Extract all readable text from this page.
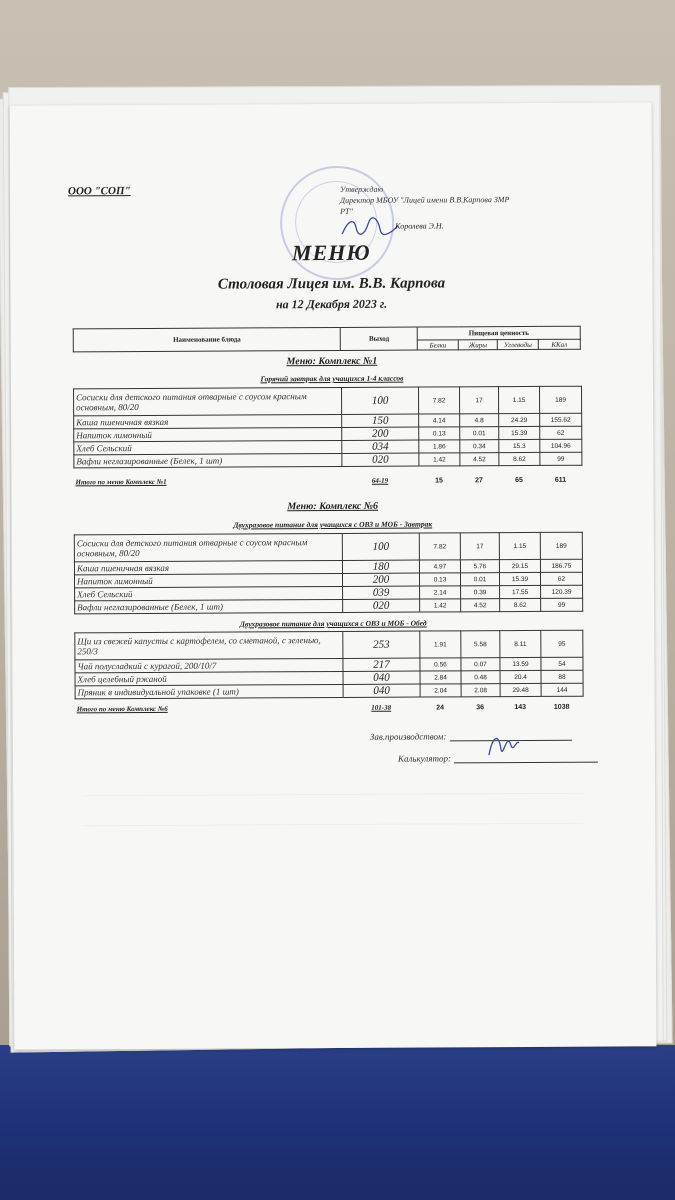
ООО "СОП"	Утверждаю
Директор МБОУ "Лицей имени В.В.Карпова ЗМР
РТ"
Королева Э.Н.
МЕНЮ
Столовая Лицея им. В.В. Карпова
на 12 Декабря 2023 г.
Наименование блюда	Выход	Пищевая ценность			
		Белки	Жиры	Углеводы	ККал
Меню: Комплекс №1
Горячий завтрак для учащихся 1-4 классов
Сосиски для детского питания отварные с соусом красным основным, 80/20	100	7.82	17	1.15	189
Каша пшеничная вязкая	150	4.14	4.8	24.29	155.62
Напиток лимонный	200	0.13	0.01	15.39	62
Хлеб Сельский	034	1.86	0.34	15.3	104.96
Вафли неглазированные (Белек, 1 шт)	020	1.42	4.52	8.62	99
Итого по меню Комплекс №1	64-19	15	27	65	611
Меню: Комплекс №6
Двухразовое питание для учащихся с ОВЗ и МОБ - Завтрак
Сосиски для детского питания отварные с соусом красным основным, 80/20	100	7.82	17	1.15	189
Каша пшеничная вязкая	180	4.97	5.76	29.15	186.75
Напиток лимонный	200	0.13	0.01	15.39	62
Хлеб Сельский	039	2.14	0.39	17.55	120.39
Вафли неглазированные (Белек, 1 шт)	020	1.42	4.52	8.62	99
Двухразовое питание для учащихся с ОВЗ и МОБ - Обед
Щи из свежей капусты с картофелем, со сметаной, с зеленью, 250/3	253	1.91	5.58	8.11	95
Чай полусладкий с курагой, 200/10/7	217	0.56	0.07	13.59	54
Хлеб целебный ржаной	040	2.84	0.48	20.4	88
Пряник в индивидуальной упаковке (1 шт)	040	2.04	2.08	29.48	144
Итого по меню Комплекс №6	101-38	24	36	143	1038
Зав.производством:
Калькулятор:
